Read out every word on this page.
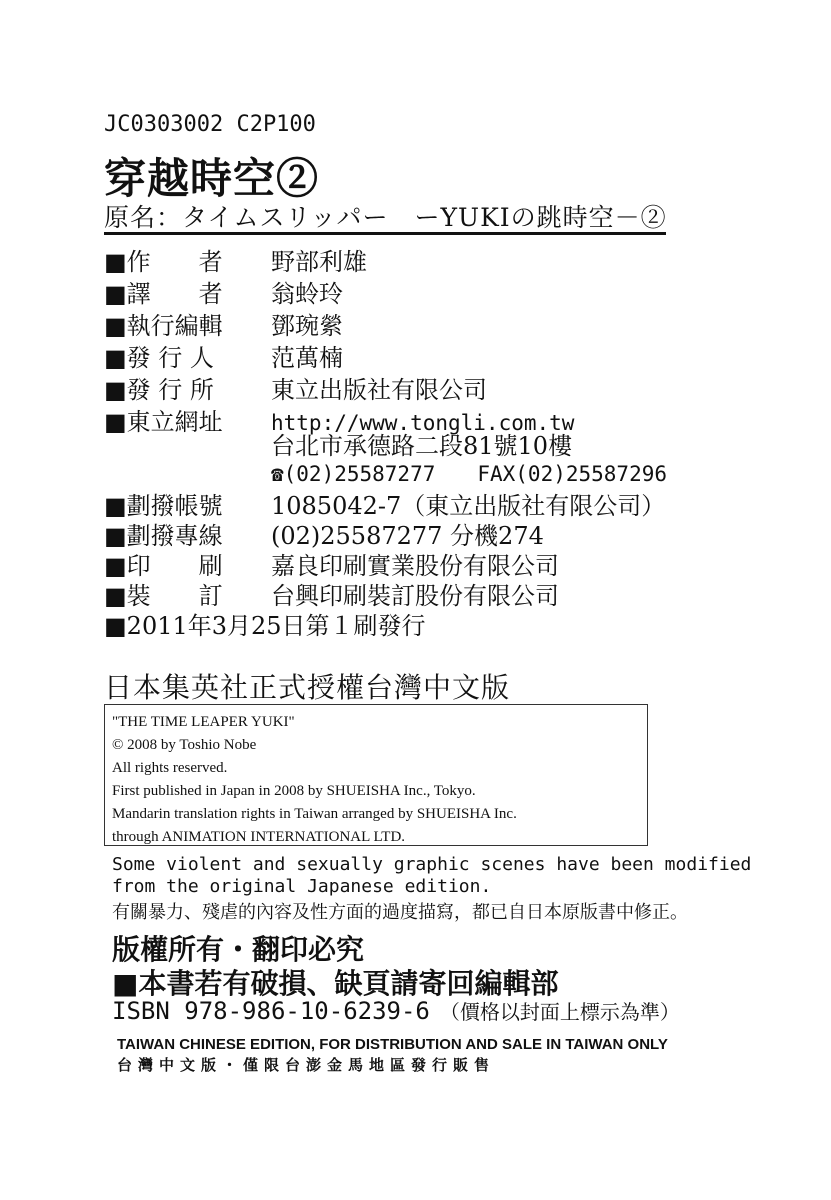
JC0303002 C2P100
穿越時空②
原名：タイムスリッパー　ーYUKIの跳時空－②
■作　　者 野部利雄
■譯　　者 翁蛉玲
■執行編輯 鄧琬縈
■發 行 人 范萬楠
■發 行 所 東立出版社有限公司
■東立網址 http://www.tongli.com.tw
台北市承德路二段81號10樓
☎(02)25587277　　FAX(02)25587296
■劃撥帳號 1085042-7（東立出版社有限公司）
■劃撥專線 (02)25587277 分機274
■印　　刷 嘉良印刷實業股份有限公司
■裝　　訂 台興印刷裝訂股份有限公司
■2011年3月25日第１刷發行
日本集英社正式授權台灣中文版
"THE TIME LEAPER YUKI"
© 2008 by Toshio Nobe
All rights reserved.
First published in Japan in 2008 by SHUEISHA Inc., Tokyo.
Mandarin translation rights in Taiwan arranged by SHUEISHA Inc.
through ANIMATION INTERNATIONAL LTD.
Some violent and sexually graphic scenes have been modified
from the original Japanese edition.
有關暴力、殘虐的內容及性方面的過度描寫，都已自日本原版書中修正。
版權所有・翻印必究
■本書若有破損、缺頁請寄回編輯部
ISBN 978-986-10-6239-6 （價格以封面上標示為準）
TAIWAN CHINESE EDITION, FOR DISTRIBUTION AND SALE IN TAIWAN ONLY
台灣中文版・僅限台澎金馬地區發行販售
